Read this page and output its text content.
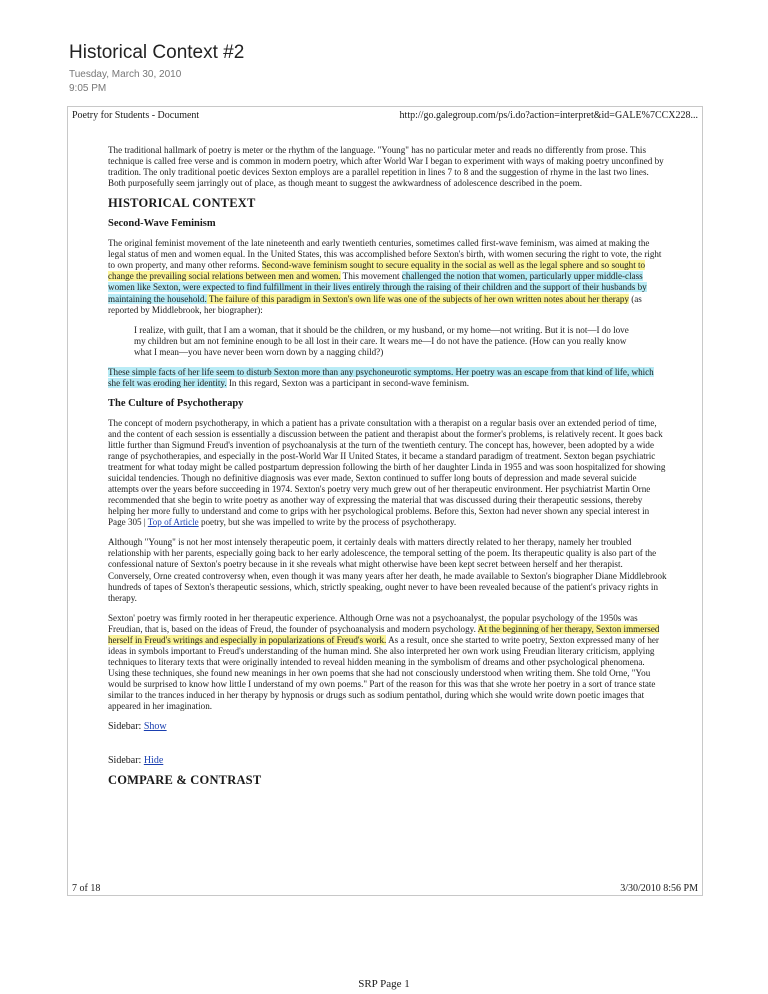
Historical Context #2
Tuesday, March 30, 2010
9:05 PM
Poetry for Students - Document	http://go.galegroup.com/ps/i.do?action=interpret&id=GALE%7CCX228...

The traditional hallmark of poetry is meter or the rhythm of the language. "Young" has no particular meter and reads no differently from prose. This technique is called free verse and is common in modern poetry, which after World War I began to experiment with ways of making poetry unconfined by tradition. The only traditional poetic devices Sexton employs are a parallel repetition in lines 7 to 8 and the suggestion of rhyme in the last two lines. Both purposefully seem jarringly out of place, as though meant to suggest the awkwardness of adolescence described in the poem.

HISTORICAL CONTEXT
Second-Wave Feminism

The original feminist movement of the late nineteenth and early twentieth centuries, sometimes called first-wave feminism, was aimed at making the legal status of men and women equal. In the United States, this was accomplished before Sexton's birth, with women securing the right to vote, the right to own property, and many other reforms. Second-wave feminism sought to secure equality in the social as well as the legal sphere and so sought to change the prevailing social relations between men and women. This movement challenged the notion that women, particularly upper middle-class women like Sexton, were expected to find fulfillment in their lives entirely through the raising of their children and the support of their husbands by maintaining the household. The failure of this paradigm in Sexton's own life was one of the subjects of her own written notes about her therapy (as reported by Middlebrook, her biographer):

I realize, with guilt, that I am a woman, that it should be the children, or my husband, or my home—not writing. But it is not—I do love my children but am not feminine enough to be all lost in their care. It wears me—I do not have the patience. (How can you really know what I mean—you have never been worn down by a nagging child?)

These simple facts of her life seem to disturb Sexton more than any psychoneurotic symptoms. Her poetry was an escape from that kind of life, which she felt was eroding her identity. In this regard, Sexton was a participant in second-wave feminism.

The Culture of Psychotherapy

The concept of modern psychotherapy, in which a patient has a private consultation with a therapist on a regular basis over an extended period of time, and the content of each session is essentially a discussion between the patient and therapist about the former's problems, is relatively recent. It goes back little further than Sigmund Freud's invention of psychoanalysis at the turn of the twentieth century. The concept has, however, been adopted by a wide range of psychotherapies, and especially in the post-World War II United States, it became a standard paradigm of treatment. Sexton began psychiatric treatment for what today might be called postpartum depression following the birth of her daughter Linda in 1955 and was soon hospitalized for showing suicidal tendencies. Though no definitive diagnosis was ever made, Sexton continued to suffer long bouts of depression and made several suicide attempts over the years before succeeding in 1974. Sexton's poetry very much grew out of her therapeutic environment. Her psychiatrist Martin Orne recommended that she begin to write poetry as another way of expressing the material that was discussed during their therapeutic sessions, thereby helping her more fully to understand and come to grips with her psychological problems. Before this, Sexton had never shown any special interest in Page 305 | Top of Article poetry, but she was impelled to write by the process of psychotherapy.

Although "Young" is not her most intensely therapeutic poem, it certainly deals with matters directly related to her therapy, namely her troubled relationship with her parents, especially going back to her early adolescence, the temporal setting of the poem. Its therapeutic quality is also part of the confessional nature of Sexton's poetry because in it she reveals what might otherwise have been kept secret between herself and her therapist. Conversely, Orne created controversy when, even though it was many years after her death, he made available to Sexton's biographer Diane Middlebrook hundreds of tapes of Sexton's therapeutic sessions, which, strictly speaking, ought never to have been revealed because of the patient's privacy rights in therapy.

Sexton' poetry was firmly rooted in her therapeutic experience. Although Orne was not a psychoanalyst, the popular psychology of the 1950s was Freudian, that is, based on the ideas of Freud, the founder of psychoanalysis and modern psychology. At the beginning of her therapy, Sexton immersed herself in Freud's writings and especially in popularizations of Freud's work. As a result, once she started to write poetry, Sexton expressed many of her ideas in symbols important to Freud's understanding of the human mind. She also interpreted her own work using Freudian literary criticism, applying techniques to literary texts that were originally intended to reveal hidden meaning in the symbolism of dreams and other psychological phenomena. Using these techniques, she found new meanings in her own poems that she had not consciously understood when writing them. She told Orne, "You would be surprised to know how little I understand of my own poems." Part of the reason for this was that she wrote her poetry in a sort of trance state similar to the trances induced in her therapy by hypnosis or drugs such as sodium pentathol, during which she would write down poetic images that appeared in her imagination.

Sidebar: Show
Sidebar: Hide
COMPARE & CONTRAST
7 of 18	3/30/2010 8:56 PM
SRP Page 1
